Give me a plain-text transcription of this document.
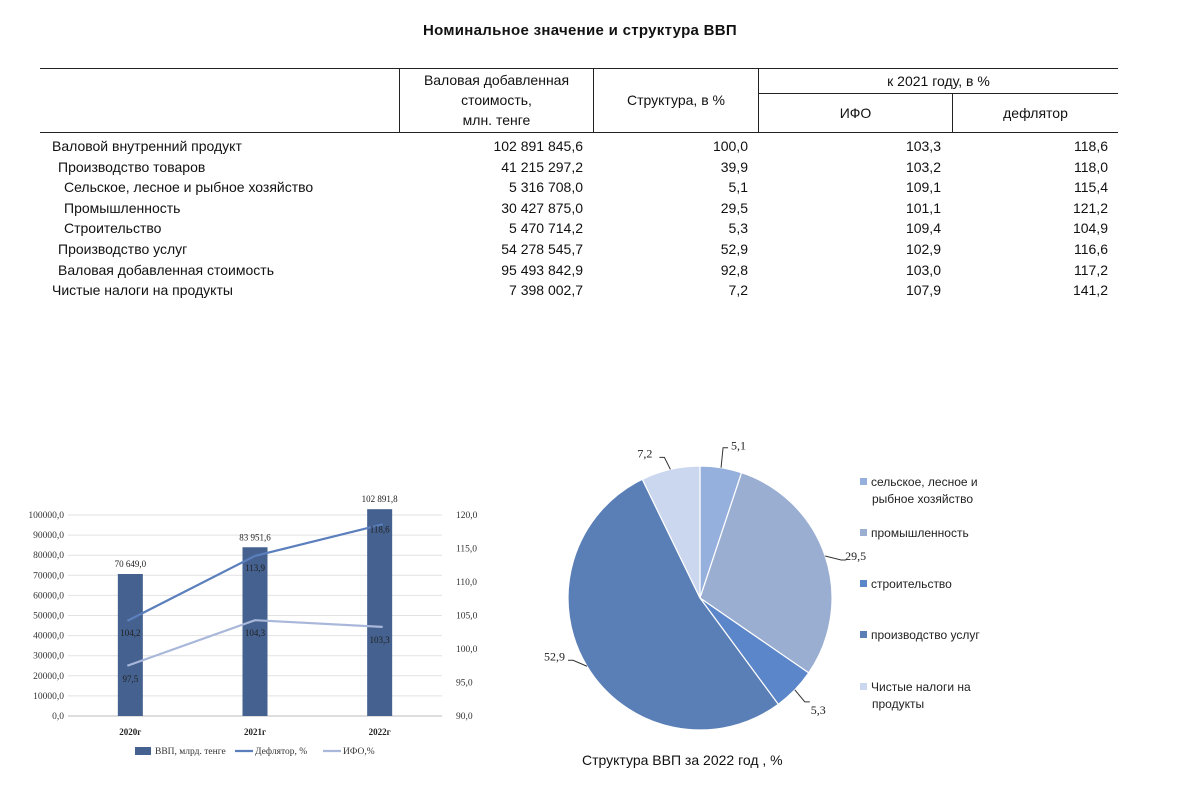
Номинальное значение и структура ВВП
Валовая добавленная
стоимость,
млн. тенге
Структура, в %
к 2021 году, в %
ИФО	дефлятор
Валовой внутренний продукт	102 891 845,6	100,0	103,3	118,6
Производство товаров	41 215 297,2	39,9	103,2	118,0
Сельское, лесное и рыбное хозяйство	5 316 708,0	5,1	109,1	115,4
Промышленность	30 427 875,0	29,5	101,1	121,2
Строительство	5 470 714,2	5,3	109,4	104,9
Производство услуг	54 278 545,7	52,9	102,9	116,6
Валовая добавленная стоимость	95 493 842,9	92,8	103,0	117,2
Чистые налоги на продукты	7 398 002,7	7,2	107,9	141,2
0,0
10000,0
20000,0
30000,0
40000,0
50000,0
60000,0
70000,0
80000,0
90000,0
100000,0
90,0
95,0
100,0
105,0
110,0
115,0
120,0
70 649,0
2020г
83 951,6
2021г
102 891,8
2022г
104,2
113,9
118,6
97,5
104,3
103,3
ВВП, млрд. тенге	Дефлятор, %	ИФО,%
5,1
29,5
5,3
52,9
7,2
сельское, лесное и
рыбное хозяйство
промышленность
строительство
производство услуг
Чистые налоги на
продукты
Структура ВВП за 2022 год , %
